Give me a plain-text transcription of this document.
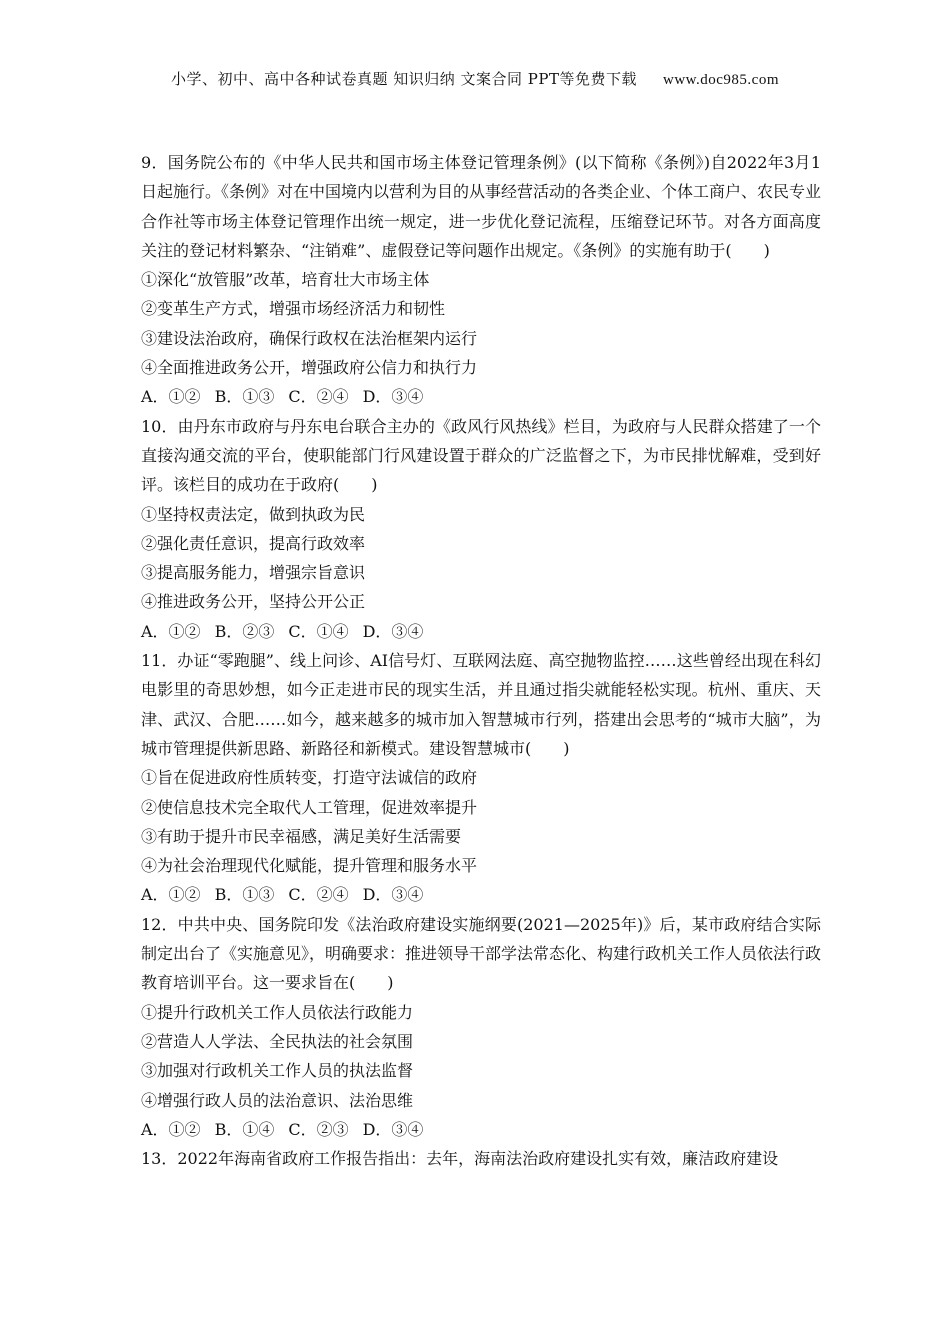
小学、初中、高中各种试卷真题 知识归纳 文案合同 PPT等免费下载 www.doc985.com
9．国务院公布的《中华人民共和国市场主体登记管理条例》(以下简称《条例》)自2022年3月1日起施行。《条例》对在中国境内以营利为目的从事经营活动的各类企业、个体工商户、农民专业合作社等市场主体登记管理作出统一规定，进一步优化登记流程，压缩登记环节。对各方面高度关注的登记材料繁杂、“注销难”、虚假登记等问题作出规定。《条例》的实施有助于(　　)
①深化“放管服”改革，培育壮大市场主体
②变革生产方式，增强市场经济活力和韧性
③建设法治政府，确保行政权在法治框架内运行
④全面推进政务公开，增强政府公信力和执行力
A．①② B．①③ C．②④ D．③④
10．由丹东市政府与丹东电台联合主办的《政风行风热线》栏目，为政府与人民群众搭建了一个直接沟通交流的平台，使职能部门行风建设置于群众的广泛监督之下，为市民排忧解难，受到好评。该栏目的成功在于政府(　　)
①坚持权责法定，做到执政为民
②强化责任意识，提高行政效率
③提高服务能力，增强宗旨意识
④推进政务公开，坚持公开公正
A．①② B．②③ C．①④ D．③④
11．办证“零跑腿”、线上问诊、AI信号灯、互联网法庭、高空抛物监控……这些曾经出现在科幻电影里的奇思妙想，如今正走进市民的现实生活，并且通过指尖就能轻松实现。杭州、重庆、天津、武汉、合肥……如今，越来越多的城市加入智慧城市行列，搭建出会思考的“城市大脑”，为城市管理提供新思路、新路径和新模式。建设智慧城市(　　)
①旨在促进政府性质转变，打造守法诚信的政府
②使信息技术完全取代人工管理，促进效率提升
③有助于提升市民幸福感，满足美好生活需要
④为社会治理现代化赋能，提升管理和服务水平
A．①② B．①③ C．②④ D．③④
12．中共中央、国务院印发《法治政府建设实施纲要(2021—2025年)》后，某市政府结合实际制定出台了《实施意见》，明确要求：推进领导干部学法常态化、构建行政机关工作人员依法行政教育培训平台。这一要求旨在(　　)
①提升行政机关工作人员依法行政能力
②营造人人学法、全民执法的社会氛围
③加强对行政机关工作人员的执法监督
④增强行政人员的法治意识、法治思维
A．①② B．①④ C．②③ D．③④
13．2022年海南省政府工作报告指出：去年，海南法治政府建设扎实有效，廉洁政府建设
